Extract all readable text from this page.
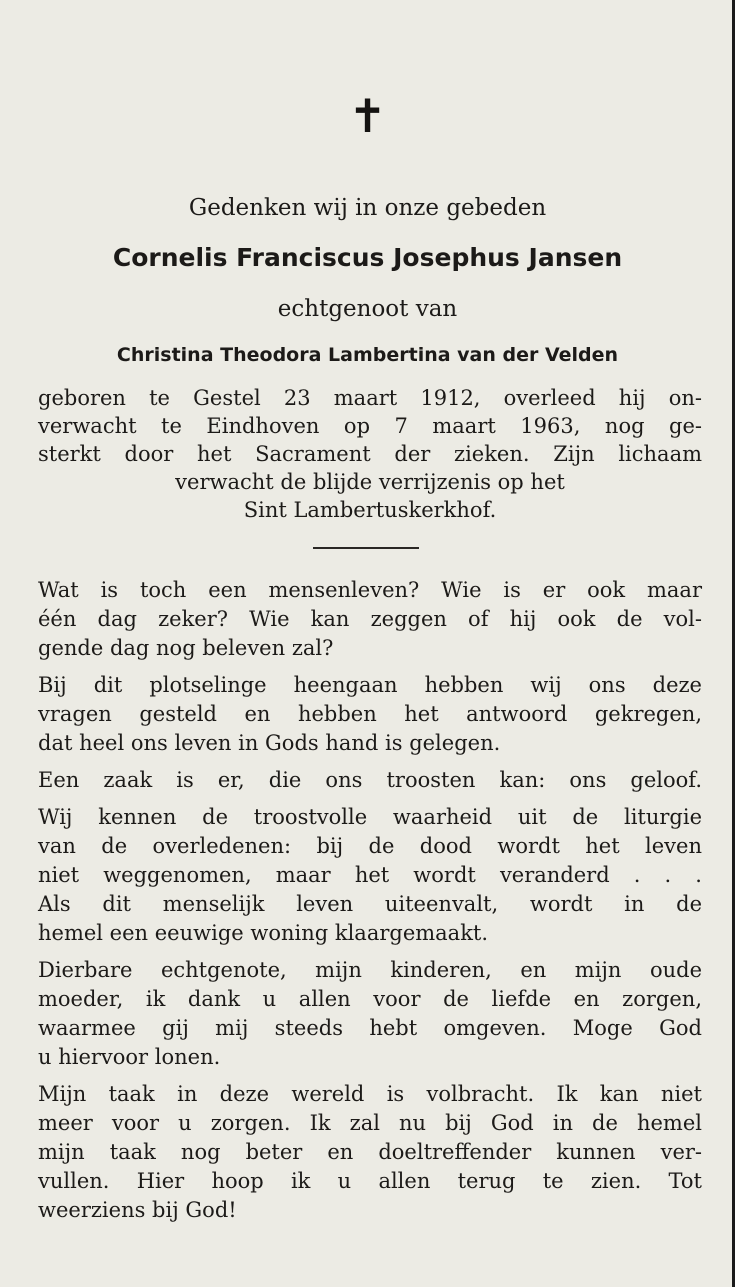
✝
Gedenken wij in onze gebeden
Cornelis Franciscus Josephus Jansen
echtgenoot van
Christina Theodora Lambertina van der Velden
geboren te Gestel 23 maart 1912, overleed hij on-
verwacht te Eindhoven op 7 maart 1963, nog ge-
sterkt door het Sacrament der zieken. Zijn lichaam
verwacht de blijde verrijzenis op het
Sint Lambertuskerkhof.
Wat is toch een mensenleven? Wie is er ook maar
één dag zeker? Wie kan zeggen of hij ook de vol-
gende dag nog beleven zal?
Bij dit plotselinge heengaan hebben wij ons deze
vragen gesteld en hebben het antwoord gekregen,
dat heel ons leven in Gods hand is gelegen.
Een zaak is er, die ons troosten kan: ons geloof.
Wij kennen de troostvolle waarheid uit de liturgie
van de overledenen: bij de dood wordt het leven
niet weggenomen, maar het wordt veranderd . . .
Als dit menselijk leven uiteenvalt, wordt in de
hemel een eeuwige woning klaargemaakt.
Dierbare echtgenote, mijn kinderen, en mijn oude
moeder, ik dank u allen voor de liefde en zorgen,
waarmee gij mij steeds hebt omgeven. Moge God
u hiervoor lonen.
Mijn taak in deze wereld is volbracht. Ik kan niet
meer voor u zorgen. Ik zal nu bij God in de hemel
mijn taak nog beter en doeltreffender kunnen ver-
vullen. Hier hoop ik u allen terug te zien. Tot
weerziens bij God!
